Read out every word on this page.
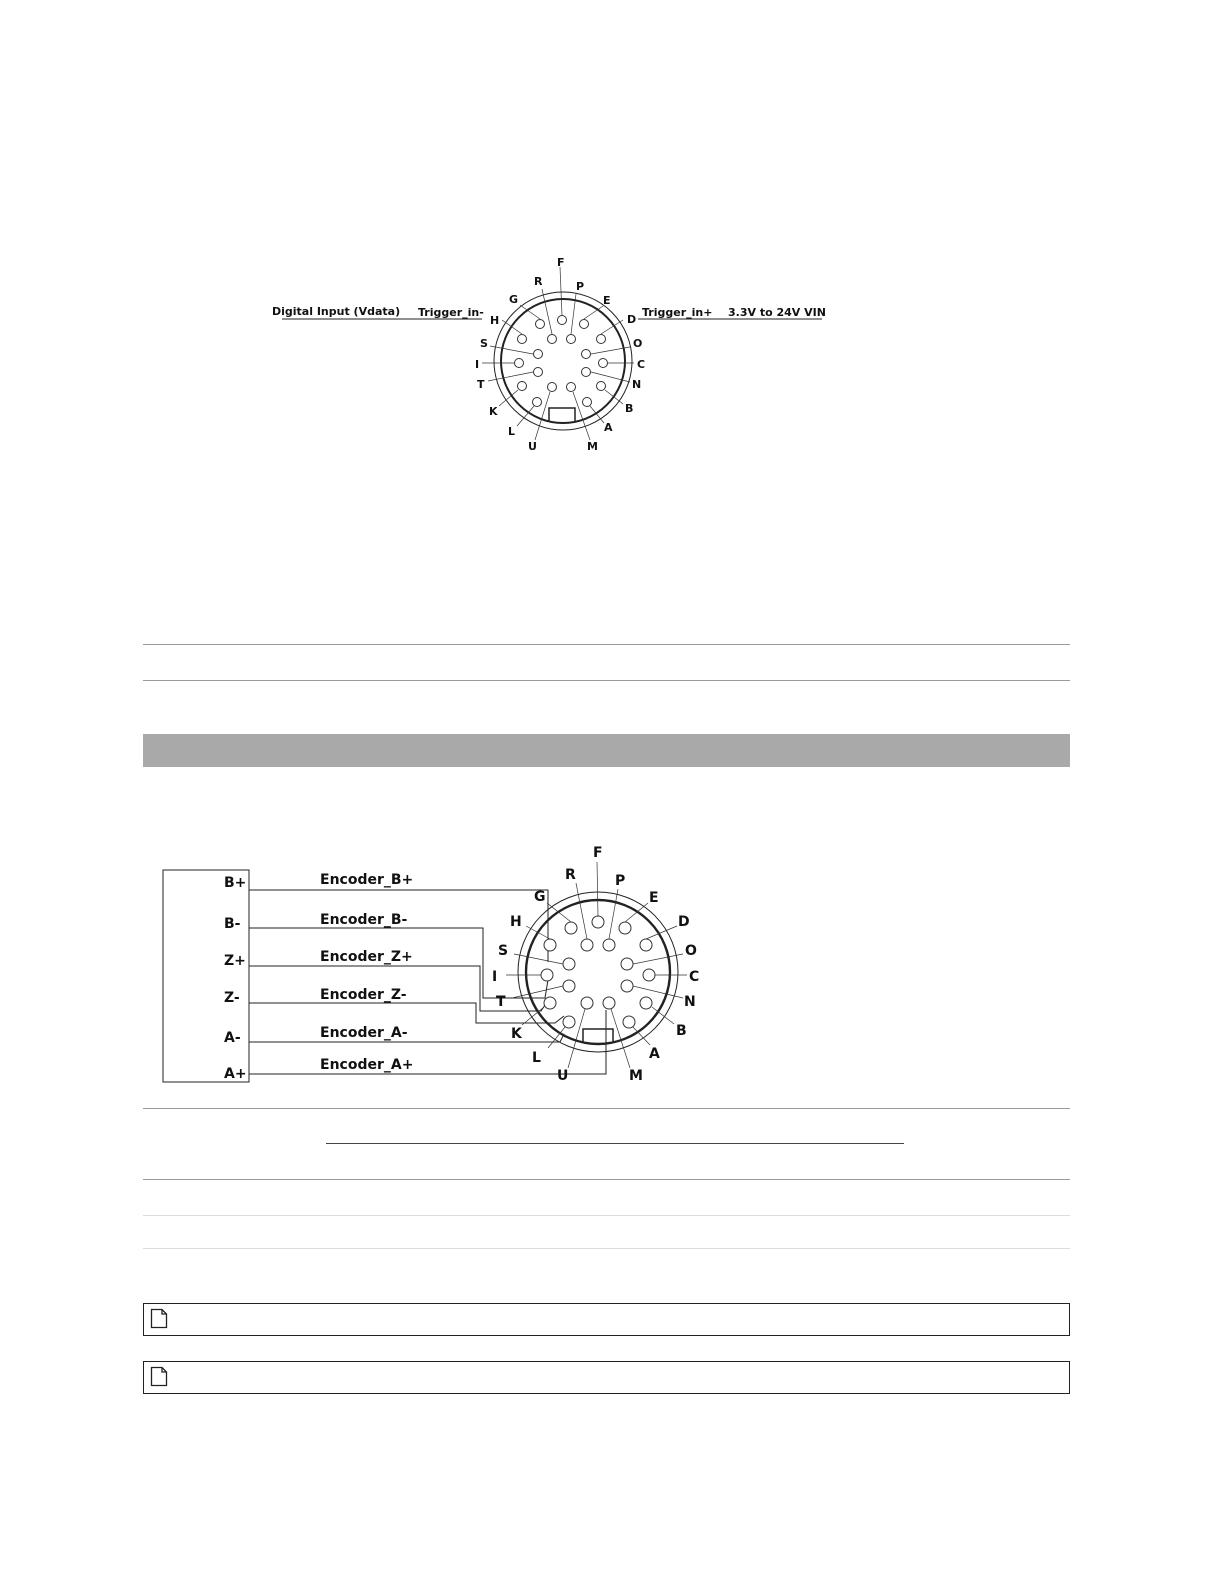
Digital Input (Vdata) Trigger_in-	Trigger_in+ 3.3V to 24V VIN
F
R	P
G	E
H	D
S	O
I	C
T	N
K	B
L	A
U	M
B+
B-
Z+
Z-
A-
A+
Encoder_B+
Encoder_B-
Encoder_Z+
Encoder_Z-
Encoder_A-
Encoder_A+
F
R	P
G	E
H	D
S	O
I	C
T	N
K	B
L	A
U	M
